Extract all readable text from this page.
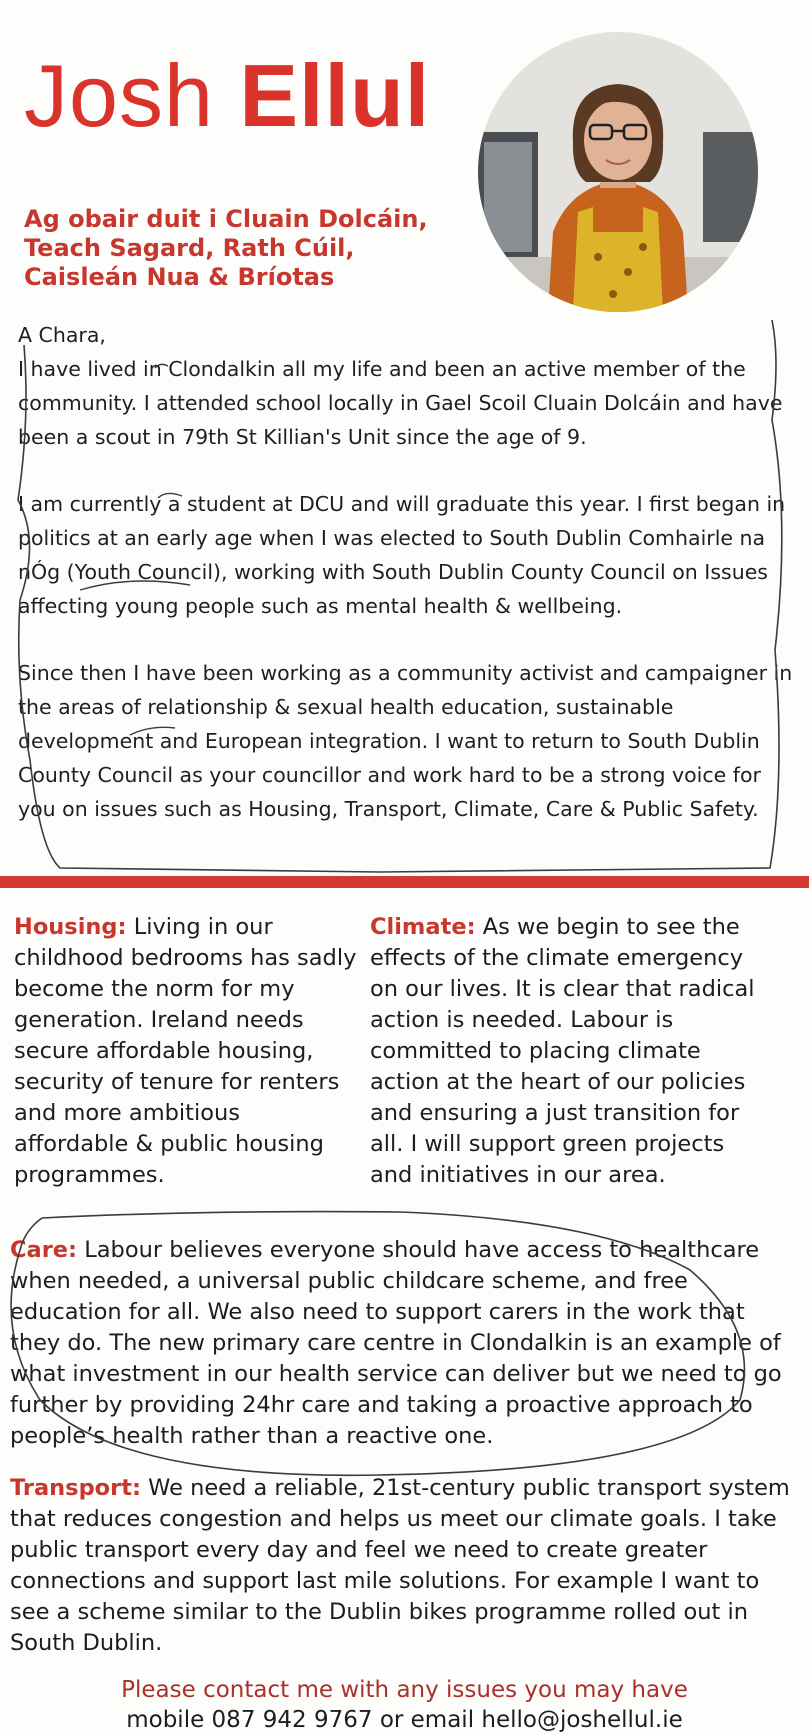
Josh Ellul
Ag obair duit i Cluain Dolcáin,
Teach Sagard, Rath Cúil,
Caisleán Nua & Bríotas

A Chara,

I have lived in Clondalkin all my life and been an active member of the community. I attended school locally in Gael Scoil Cluain Dolcáin and have been a scout in 79th St Killian's Unit since the age of 9.

I am currently a student at DCU and will graduate this year. I first began in politics at an early age when I was elected to South Dublin Comhairle na nÓg (Youth Council), working with South Dublin County Council on Issues affecting young people such as mental health & wellbeing.

Since then I have been working as a community activist and campaigner in the areas of relationship & sexual health education, sustainable development and European integration. I want to return to South Dublin County Council as your councillor and work hard to be a strong voice for you on issues such as Housing, Transport, Climate, Care & Public Safety.

Housing: Living in our childhood bedrooms has sadly become the norm for my generation. Ireland needs secure affordable housing, security of tenure for renters and more ambitious affordable & public housing programmes.
Climate: As we begin to see the effects of the climate emergency on our lives. It is clear that radical action is needed. Labour is committed to placing climate action at the heart of our policies and ensuring a just transition for all. I will support green projects and initiatives in our area.
Care: Labour believes everyone should have access to healthcare when needed, a universal public childcare scheme, and free education for all. We also need to support carers in the work that they do. The new primary care centre in Clondalkin is an example of what investment in our health service can deliver but we need to go further by providing 24hr care and taking a proactive approach to people’s health rather than a reactive one.
Transport: We need a reliable, 21st-century public transport system that reduces congestion and helps us meet our climate goals. I take public transport every day and feel we need to create greater connections and support last mile solutions. For example I want to see a scheme similar to the Dublin bikes programme rolled out in South Dublin.
Please contact me with any issues you may have
mobile 087 942 9767 or email hello@joshellul.ie
